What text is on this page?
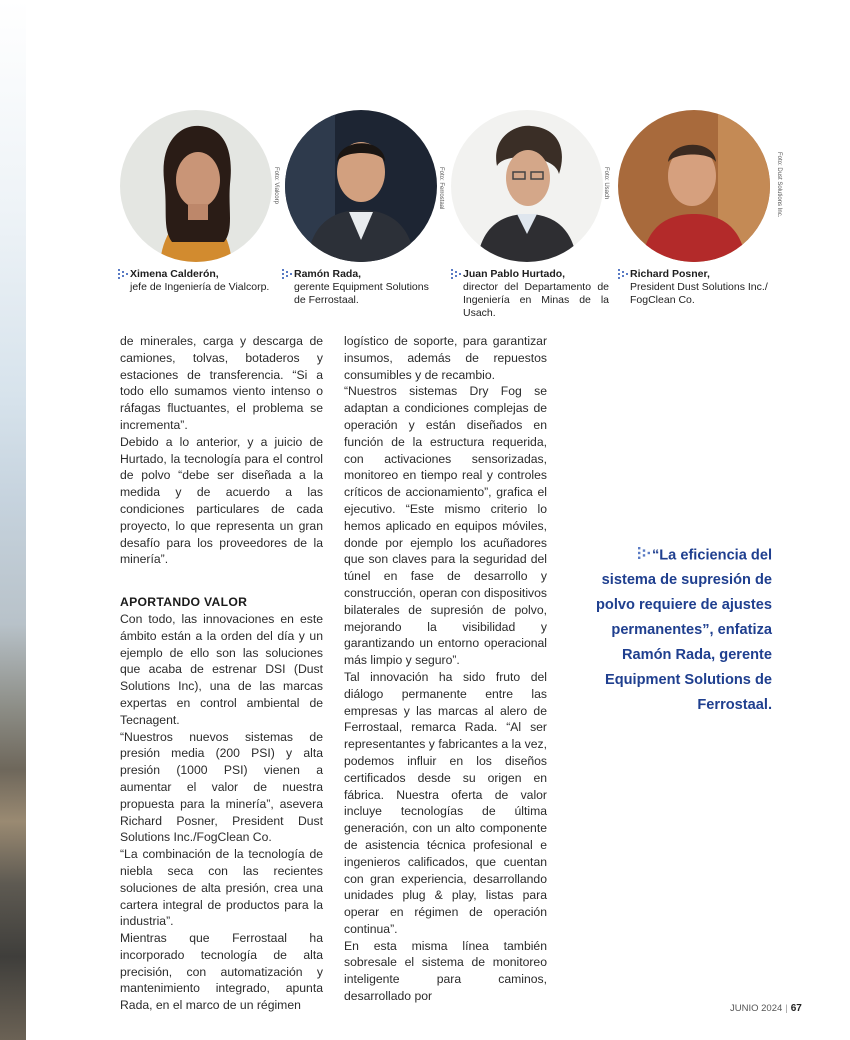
Foto: Vialcorp	Foto: Ferrostaal	Foto: Usach	Foto: Dust Solutions Inc.
Ximena Calderón,
jefe de Ingeniería de Vialcorp.
Ramón Rada,
gerente Equipment Solutions de Ferrostaal.
Juan Pablo Hurtado,
director del Departamento de Ingeniería en Minas de la Usach.
Richard Posner,
President Dust Solutions Inc./ FogClean Co.

de minerales, carga y descarga de camiones, tolvas, botaderos y estaciones de transferencia. “Si a todo ello sumamos viento intenso o ráfagas fluctuantes, el problema se incrementa”.

Debido a lo anterior, y a juicio de Hurtado, la tecnología para el control de polvo “debe ser diseñada a la medida y de acuerdo a las condiciones particulares de cada proyecto, lo que representa un gran desafío para los proveedores de la minería”.

APORTANDO VALOR

Con todo, las innovaciones en este ámbito están a la orden del día y un ejemplo de ello son las soluciones que acaba de estrenar DSI (Dust Solutions Inc), una de las marcas expertas en control ambiental de Tecnagent.

“Nuestros nuevos sistemas de presión media (200 PSI) y alta presión (1000 PSI) vienen a aumentar el valor de nuestra propuesta para la minería”, asevera Richard Posner, President Dust Solutions Inc./FogClean Co.

“La combinación de la tecnología de niebla seca con las recientes soluciones de alta presión, crea una cartera integral de productos para la industria”.

Mientras que Ferrostaal ha incorporado tecnología de alta precisión, con automatización y mantenimiento integrado, apunta Rada, en el marco de un régimen

logístico de soporte, para garantizar insumos, además de repuestos consumibles y de recambio.

“Nuestros sistemas Dry Fog se adaptan a condiciones complejas de operación y están diseñados en función de la estructura requerida, con activaciones sensorizadas, monitoreo en tiempo real y controles críticos de accionamiento”, grafica el ejecutivo. “Este mismo criterio lo hemos aplicado en equipos móviles, donde por ejemplo los acuñadores que son claves para la seguridad del túnel en fase de desarrollo y construcción, operan con dispositivos bilaterales de supresión de polvo, mejorando la visibilidad y garantizando un entorno operacional más limpio y seguro”.

Tal innovación ha sido fruto del diálogo permanente entre las empresas y las marcas al alero de Ferrostaal, remarca Rada. “Al ser representantes y fabricantes a la vez, podemos influir en los diseños certificados desde su origen en fábrica. Nuestra oferta de valor incluye tecnologías de última generación, con un alto componente de asistencia técnica profesional e ingenieros calificados, que cuentan con gran experiencia, desarrollando unidades plug & play, listas para operar en régimen de operación continua”.

En esta misma línea también sobresale el sistema de monitoreo inteligente para caminos, desarrollado por

“La eficiencia del sistema de supresión de polvo requiere de ajustes permanentes”, enfatiza Ramón Rada, gerente Equipment Solutions de Ferrostaal.
JUNIO 2024 | 67
